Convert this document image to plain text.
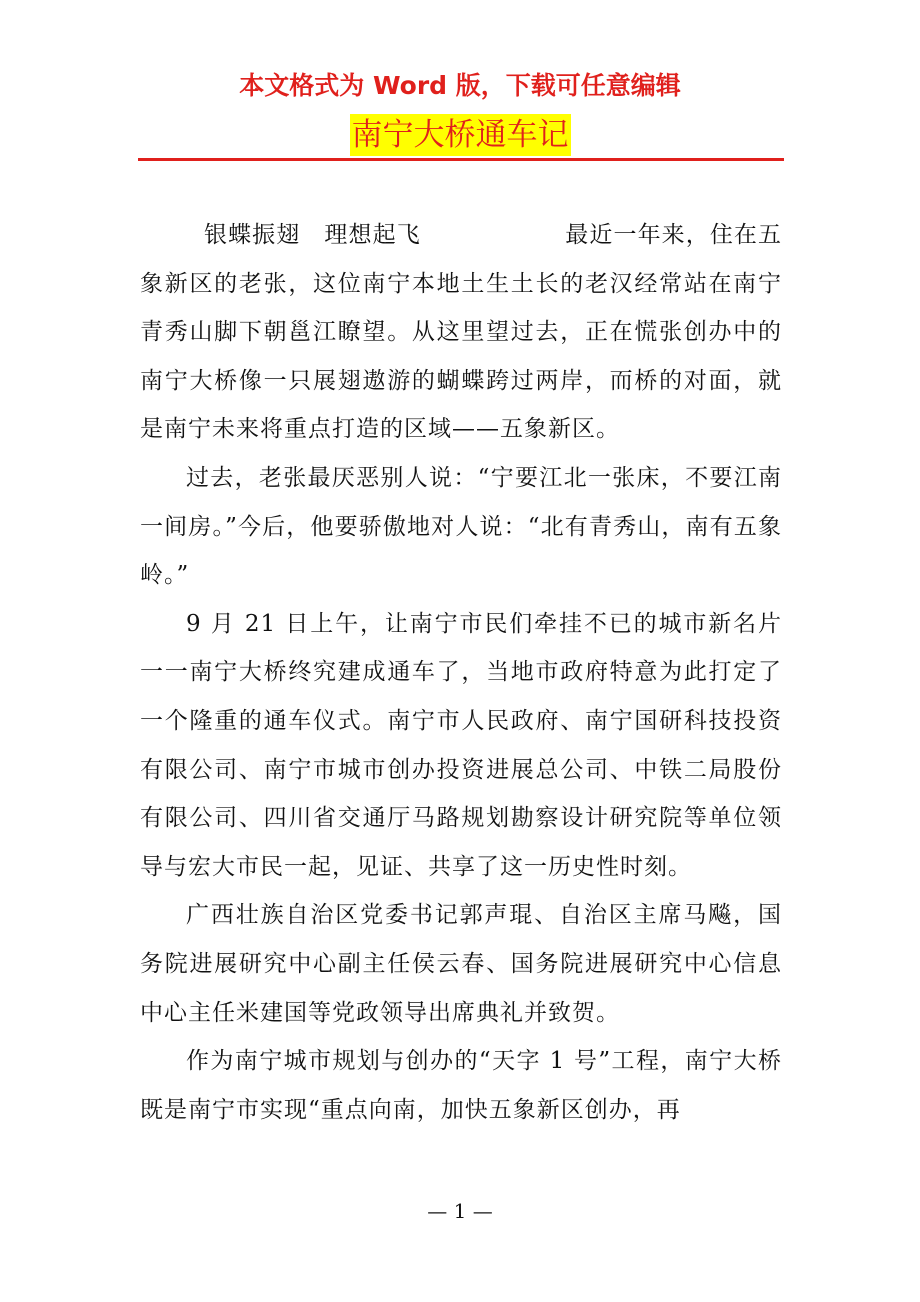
本文格式为 Word 版，下载可任意编辑
南宁大桥通车记

银蝶振翅　理想起飞　　　　　　最近一年来，住在五象新区的老张，这位南宁本地土生土长的老汉经常站在南宁青秀山脚下朝邕江瞭望。从这里望过去，正在慌张创办中的南宁大桥像一只展翅遨游的蝴蝶跨过两岸，而桥的对面，就是南宁未来将重点打造的区域——五象新区。

过去，老张最厌恶别人说：“宁要江北一张床，不要江南一间房。”今后，他要骄傲地对人说：“北有青秀山，南有五象岭。”

9 月 21 日上午，让南宁市民们牵挂不已的城市新名片一一南宁大桥终究建成通车了，当地市政府特意为此打定了一个隆重的通车仪式。南宁市人民政府、南宁国研科技投资有限公司、南宁市城市创办投资进展总公司、中铁二局股份有限公司、四川省交通厅马路规划勘察设计研究院等单位领导与宏大市民一起，见证、共享了这一历史性时刻。

广西壮族自治区党委书记郭声琨、自治区主席马飚，国务院进展研究中心副主任侯云春、国务院进展研究中心信息中心主任米建国等党政领导出席典礼并致贺。

作为南宁城市规划与创办的“天字 1 号”工程，南宁大桥既是南宁市实现“重点向南，加快五象新区创办，再

— 1 —
